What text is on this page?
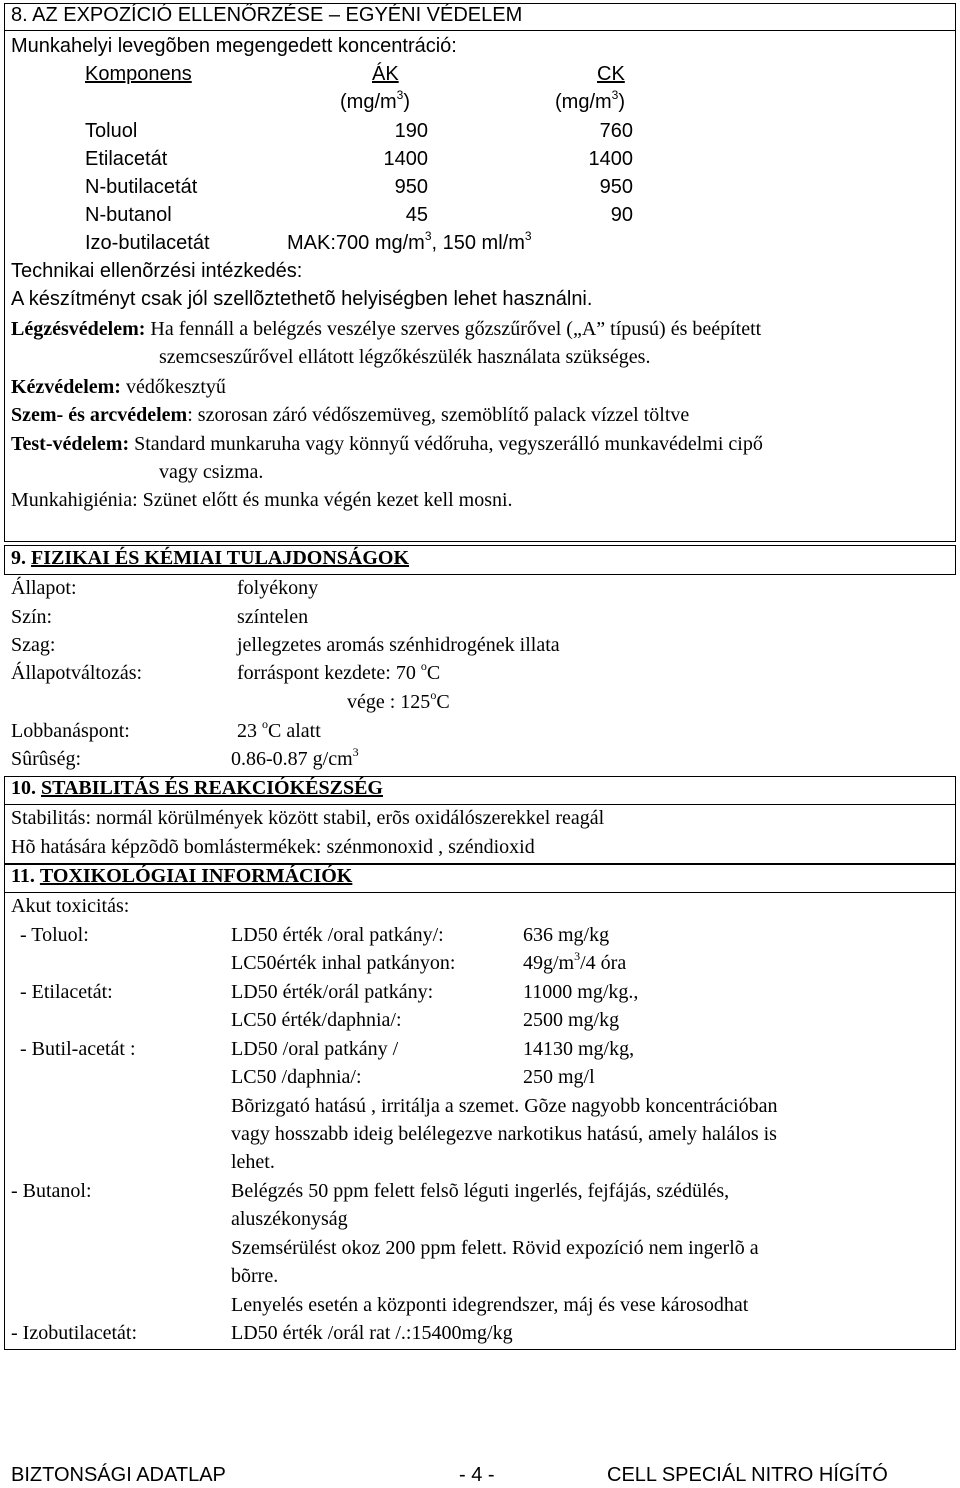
8. AZ EXPOZÍCIÓ ELLENŐRZÉSE – EGYÉNI VÉDELEM
Munkahelyi levegõben megengedett koncentráció:
Komponens	ÁK	CK
$(mg/m^3)$	$(mg/m^3)$
Toluol	190	760
Etilacetát	1400	1400
N-butilacetát	950	950
N-butanol	45	90
Izo-butilacetát	MAK:700 $mg/m^3$, 150 $ml/m^3$
Technikai ellenõrzési intézkedés:
A készítményt csak jól szellõztethetõ helyiségben lehet használni.
Légzésvédelem: Ha fennáll a belégzés veszélye szerves gőzszűrővel („A” típusú) és beépített
szemcseszűrővel ellátott légzőkészülék használata szükséges.
Kézvédelem: védőkesztyű
Szem- és arcvédelem: szorosan záró védőszemüveg, szemöblítő palack vízzel töltve
Test-védelem: Standard munkaruha vagy könnyű védőruha, vegyszerálló munkavédelmi cipő
vagy csizma.
Munkahigiénia: Szünet előtt és munka végén kezet kell mosni.
9. FIZIKAI ÉS KÉMIAI TULAJDONSÁGOK
Állapot:	folyékony
Szín:	színtelen
Szag:	jellegzetes aromás szénhidrogének illata
Állapotváltozás:	forráspont kezdete: 70 $^o$C
vége : 125$^o$C
Lobbanáspont:	23 $^o$C alatt
Sûrûség:	0.86-0.87 $g/cm^3$
10. STABILITÁS ÉS REAKCIÓKÉSZSÉG
Stabilitás: normál körülmények között stabil, erõs oxidálószerekkel reagál
Hõ hatására képzõdõ bomlástermékek: szénmonoxid , széndioxid
11. TOXIKOLÓGIAI INFORMÁCIÓK
Akut toxicitás:
- Toluol:	LD50 érték /oral patkány/:	636 mg/kg
LC50érték inhal patkányon:	$49g/m^3/4$ óra
- Etilacetát:	LD50 érték/orál patkány:	11000 mg/kg.,
LC50 érték/daphnia/:	2500 mg/kg
- Butil-acetát :	LD50 /oral patkány /	14130 mg/kg,
LC50 /daphnia/:	250 mg/l
Bõrizgató hatású , irritálja a szemet. Gõze nagyobb koncentrációban
vagy hosszabb ideig belélegezve narkotikus hatású, amely halálos is
lehet.
- Butanol:	Belégzés 50 ppm felett felsõ léguti ingerlés, fejfájás, szédülés,
aluszékonyság
Szemsérülést okoz 200 ppm felett. Rövid expozíció nem ingerlõ a
bõrre.
Lenyelés esetén a központi idegrendszer, máj és vese károsodhat
- Izobutilacetát:	LD50 érték /orál rat /.:15400mg/kg
BIZTONSÁGI ADATLAP	- 4 -	CELL SPECIÁL NITRO HÍGÍTÓ
